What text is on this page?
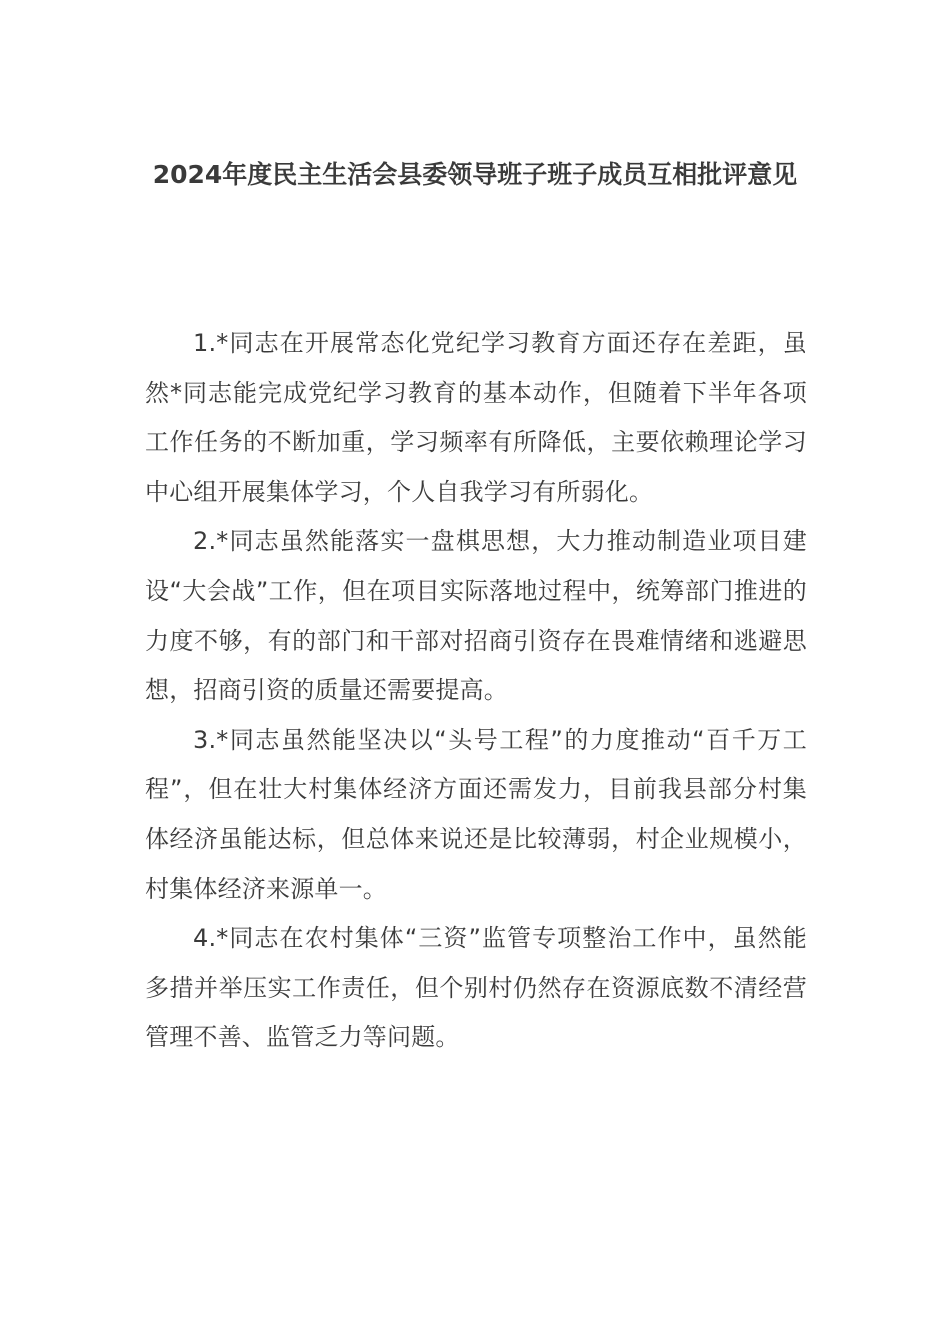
2024年度民主生活会县委领导班子班子成员互相批评意见

1.*同志在开展常态化党纪学习教育方面还存在差距，虽然*同志能完成党纪学习教育的基本动作，但随着下半年各项工作任务的不断加重，学习频率有所降低，主要依赖理论学习中心组开展集体学习，个人自我学习有所弱化。

2.*同志虽然能落实一盘棋思想，大力推动制造业项目建设“大会战”工作，但在项目实际落地过程中，统筹部门推进的力度不够，有的部门和干部对招商引资存在畏难情绪和逃避思想，招商引资的质量还需要提高。

3.*同志虽然能坚决以“头号工程”的力度推动“百千万工程”，但在壮大村集体经济方面还需发力，目前我县部分村集体经济虽能达标，但总体来说还是比较薄弱，村企业规模小，村集体经济来源单一。

4.*同志在农村集体“三资”监管专项整治工作中，虽然能多措并举压实工作责任，但个别村仍然存在资源底数不清经营管理不善、监管乏力等问题。
